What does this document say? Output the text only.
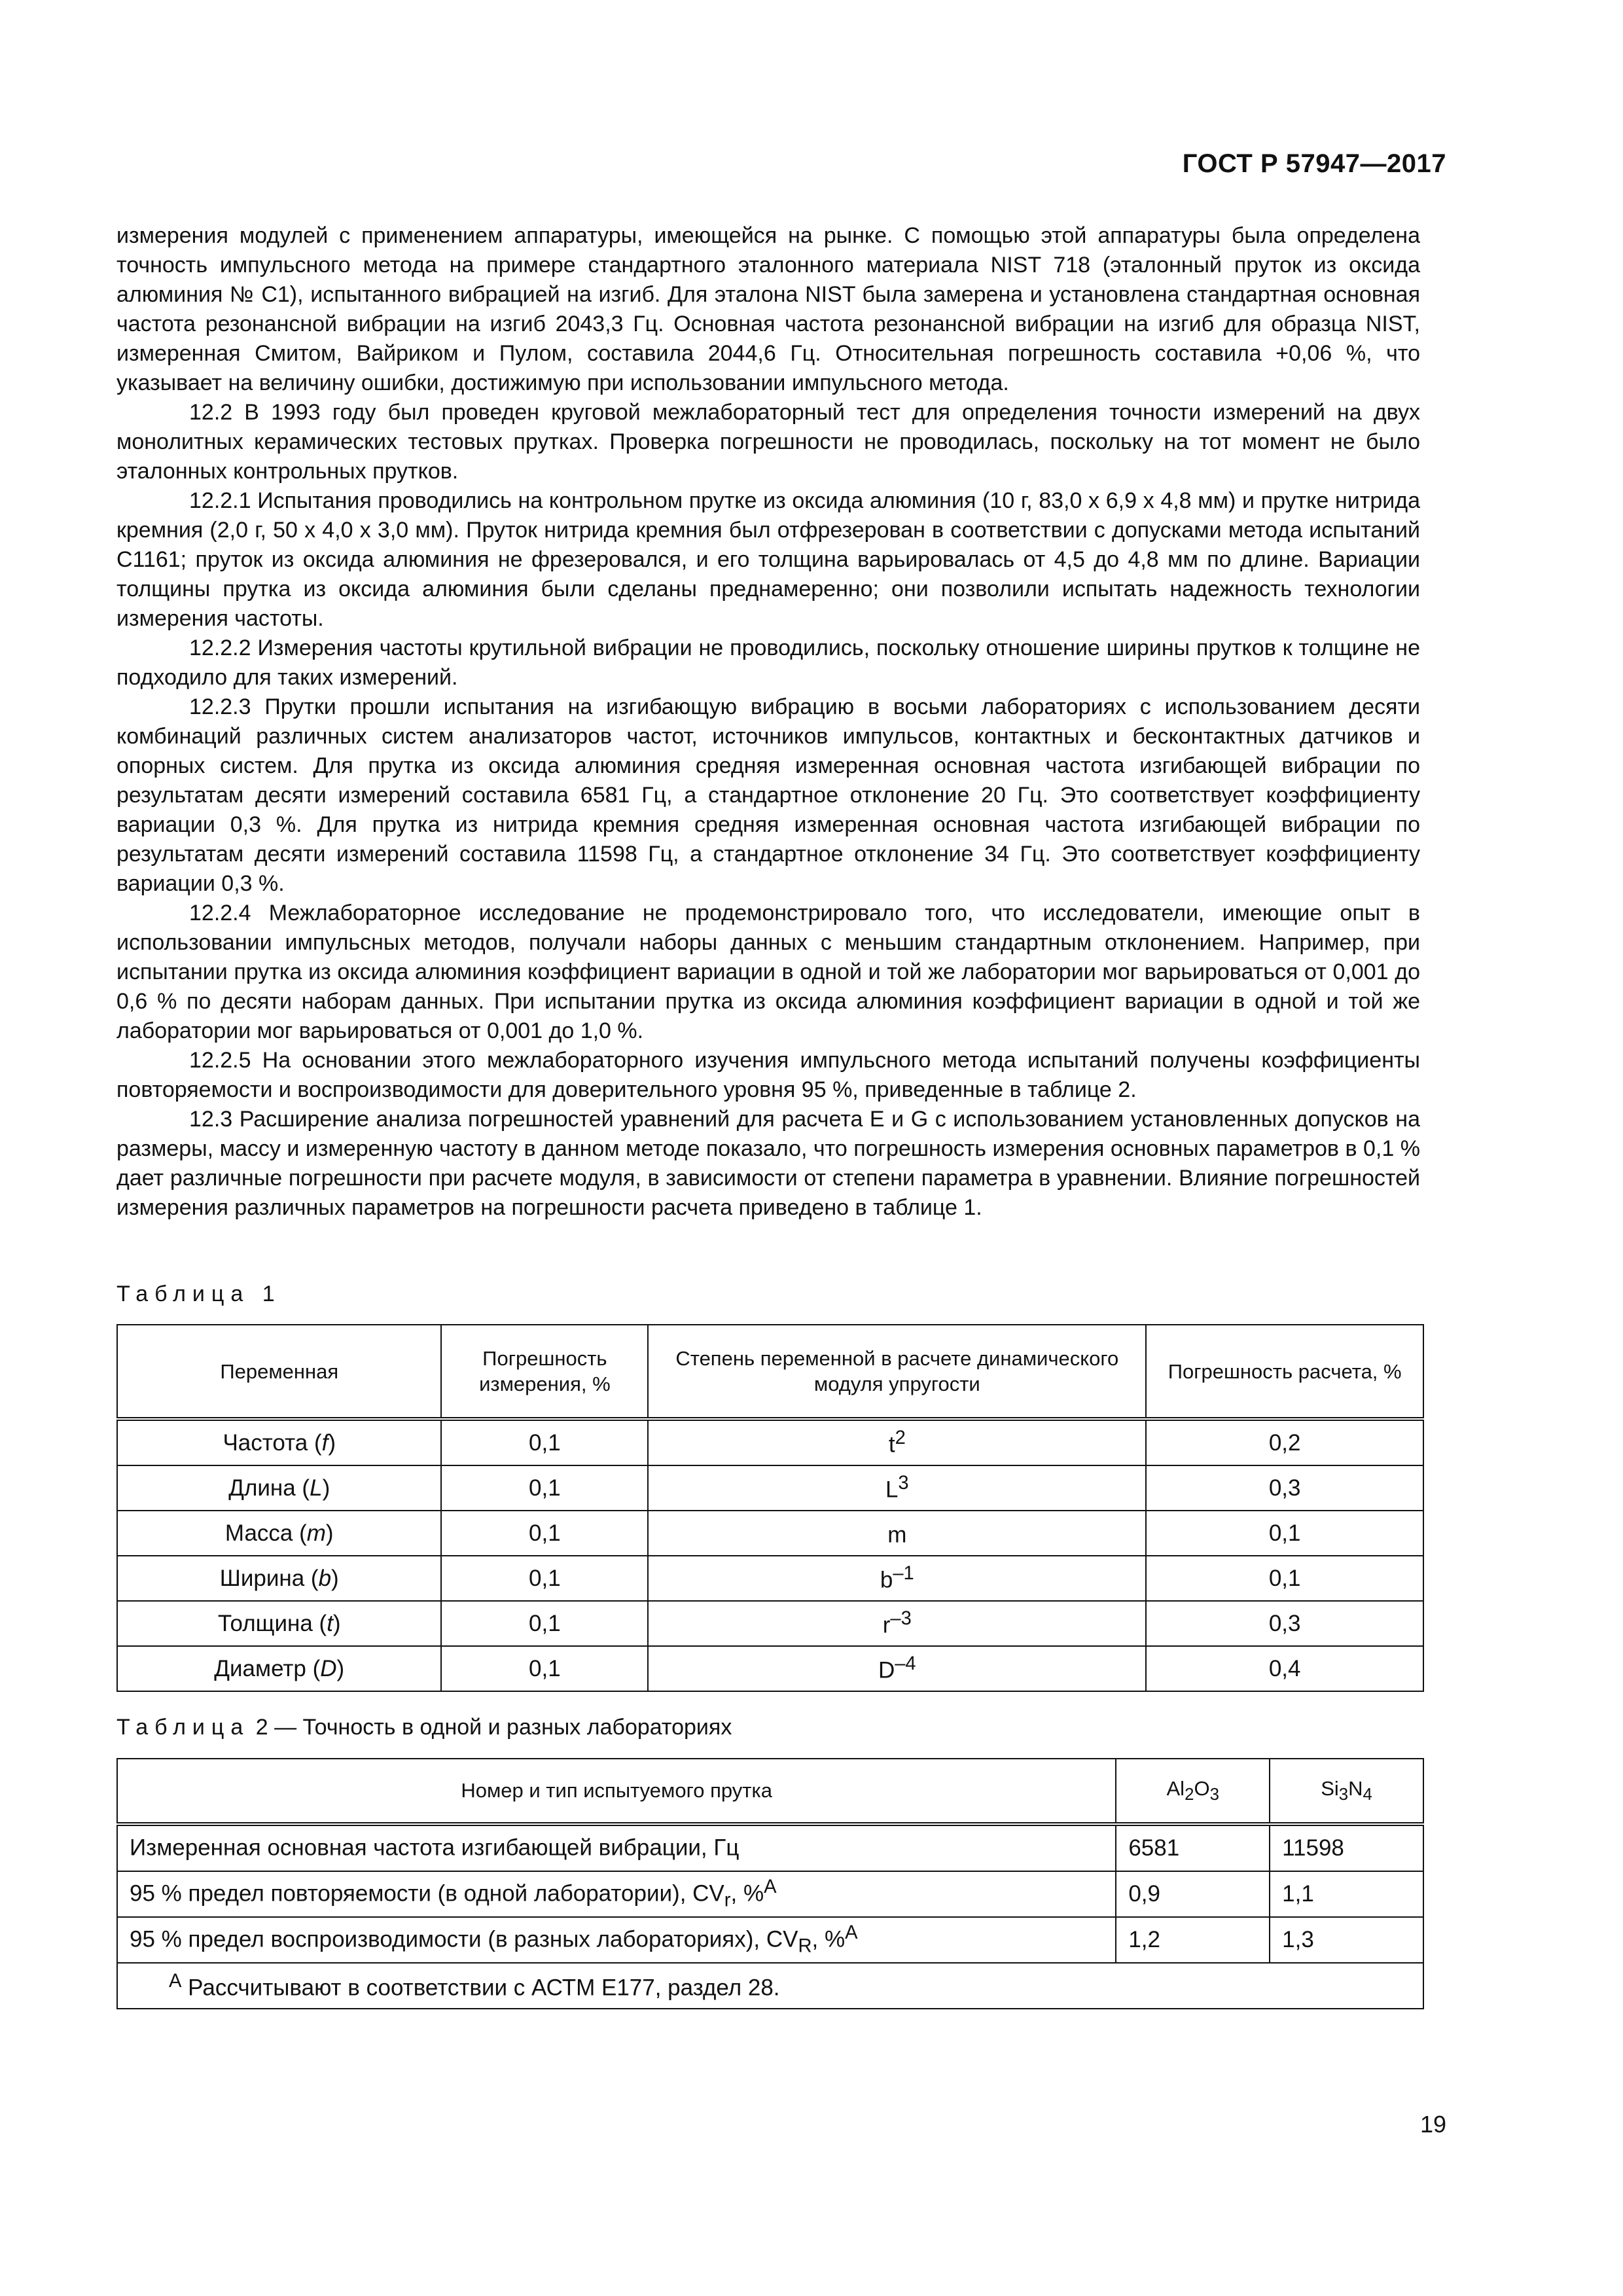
ГОСТ Р 57947—2017

измерения модулей с применением аппаратуры, имеющейся на рынке. С помощью этой аппаратуры была определена точность импульсного метода на примере стандартного эталонного материала NIST 718 (эталонный пруток из оксида алюминия № С1), испытанного вибрацией на изгиб. Для эталона NIST была замерена и установлена стандартная основная частота резонансной вибрации на изгиб 2043,3 Гц. Основная частота резонансной вибрации на изгиб для образца NIST, измеренная Смитом, Вайриком и Пулом, составила 2044,6 Гц. Относительная погрешность составила +0,06 %, что указывает на величину ошибки, достижимую при использовании импульсного метода.

12.2 В 1993 году был проведен круговой межлабораторный тест для определения точности измерений на двух монолитных керамических тестовых прутках. Проверка погрешности не проводилась, поскольку на тот момент не было эталонных контрольных прутков.

12.2.1 Испытания проводились на контрольном прутке из оксида алюминия (10 г, 83,0 х 6,9 х 4,8 мм) и прутке нитрида кремния (2,0 г, 50 х 4,0 х 3,0 мм). Пруток нитрида кремния был отфрезерован в соответствии с допусками метода испытаний С1161; пруток из оксида алюминия не фрезеровался, и его толщина варьировалась от 4,5 до 4,8 мм по длине. Вариации толщины прутка из оксида алюминия были сделаны преднамеренно; они позволили испытать надежность технологии измерения частоты.

12.2.2 Измерения частоты крутильной вибрации не проводились, поскольку отношение ширины прутков к толщине не подходило для таких измерений.

12.2.3 Прутки прошли испытания на изгибающую вибрацию в восьми лабораториях с использованием десяти комбинаций различных систем анализаторов частот, источников импульсов, контактных и бесконтактных датчиков и опорных систем. Для прутка из оксида алюминия средняя измеренная основная частота изгибающей вибрации по результатам десяти измерений составила 6581 Гц, а стандартное отклонение 20 Гц. Это соответствует коэффициенту вариации 0,3 %. Для прутка из нитрида кремния средняя измеренная основная частота изгибающей вибрации по результатам десяти измерений составила 11598 Гц, а стандартное отклонение 34 Гц. Это соответствует коэффициенту вариации 0,3 %.

12.2.4 Межлабораторное исследование не продемонстрировало того, что исследователи, имеющие опыт в использовании импульсных методов, получали наборы данных с меньшим стандартным отклонением. Например, при испытании прутка из оксида алюминия коэффициент вариации в одной и той же лаборатории мог варьироваться от 0,001 до 0,6 % по десяти наборам данных. При испытании прутка из оксида алюминия коэффициент вариации в одной и той же лаборатории мог варьироваться от 0,001 до 1,0 %.

12.2.5 На основании этого межлабораторного изучения импульсного метода испытаний получены коэффициенты повторяемости и воспроизводимости для доверительного уровня 95 %, приведенные в таблице 2.

12.3 Расширение анализа погрешностей уравнений для расчета Е и G с использованием установленных допусков на размеры, массу и измеренную частоту в данном методе показало, что погрешность измерения основных параметров в 0,1 % дает различные погрешности при расчете модуля, в зависимости от степени параметра в уравнении. Влияние погрешностей измерения различных параметров на погрешности расчета приведено в таблице 1.

Таблица 1
Переменная	Погрешность измерения, %	Степень переменной в расчете динамического модуля упругости	Погрешность расчета, %
Частота (f)	0,1	$t^2$	0,2
Длина (L)	0,1	$L^3$	0,3
Масса (m)	0,1	m	0,1
Ширина (b)	0,1	$b^{-1}$	0,1
Толщина (t)	0,1	$r^{-3}$	0,3
Диаметр (D)	0,1	$D^{-4}$	0,4
Таблица 2 — Точность в одной и разных лабораториях
Номер и тип испытуемого прутка	$Al_2O_3$	$Si_3N_4$
Измеренная основная частота изгибающей вибрации, Гц	6581	11598
95 % предел повторяемости (в одной лаборатории), $CV_r$, %$^A$	0,9	1,1
95 % предел воспроизводимости (в разных лабораториях), $CV_R$, %$^A$	1,2	1,3
$^A$ Рассчитывают в соответствии с АСТМ Е177, раздел 28.		
19
